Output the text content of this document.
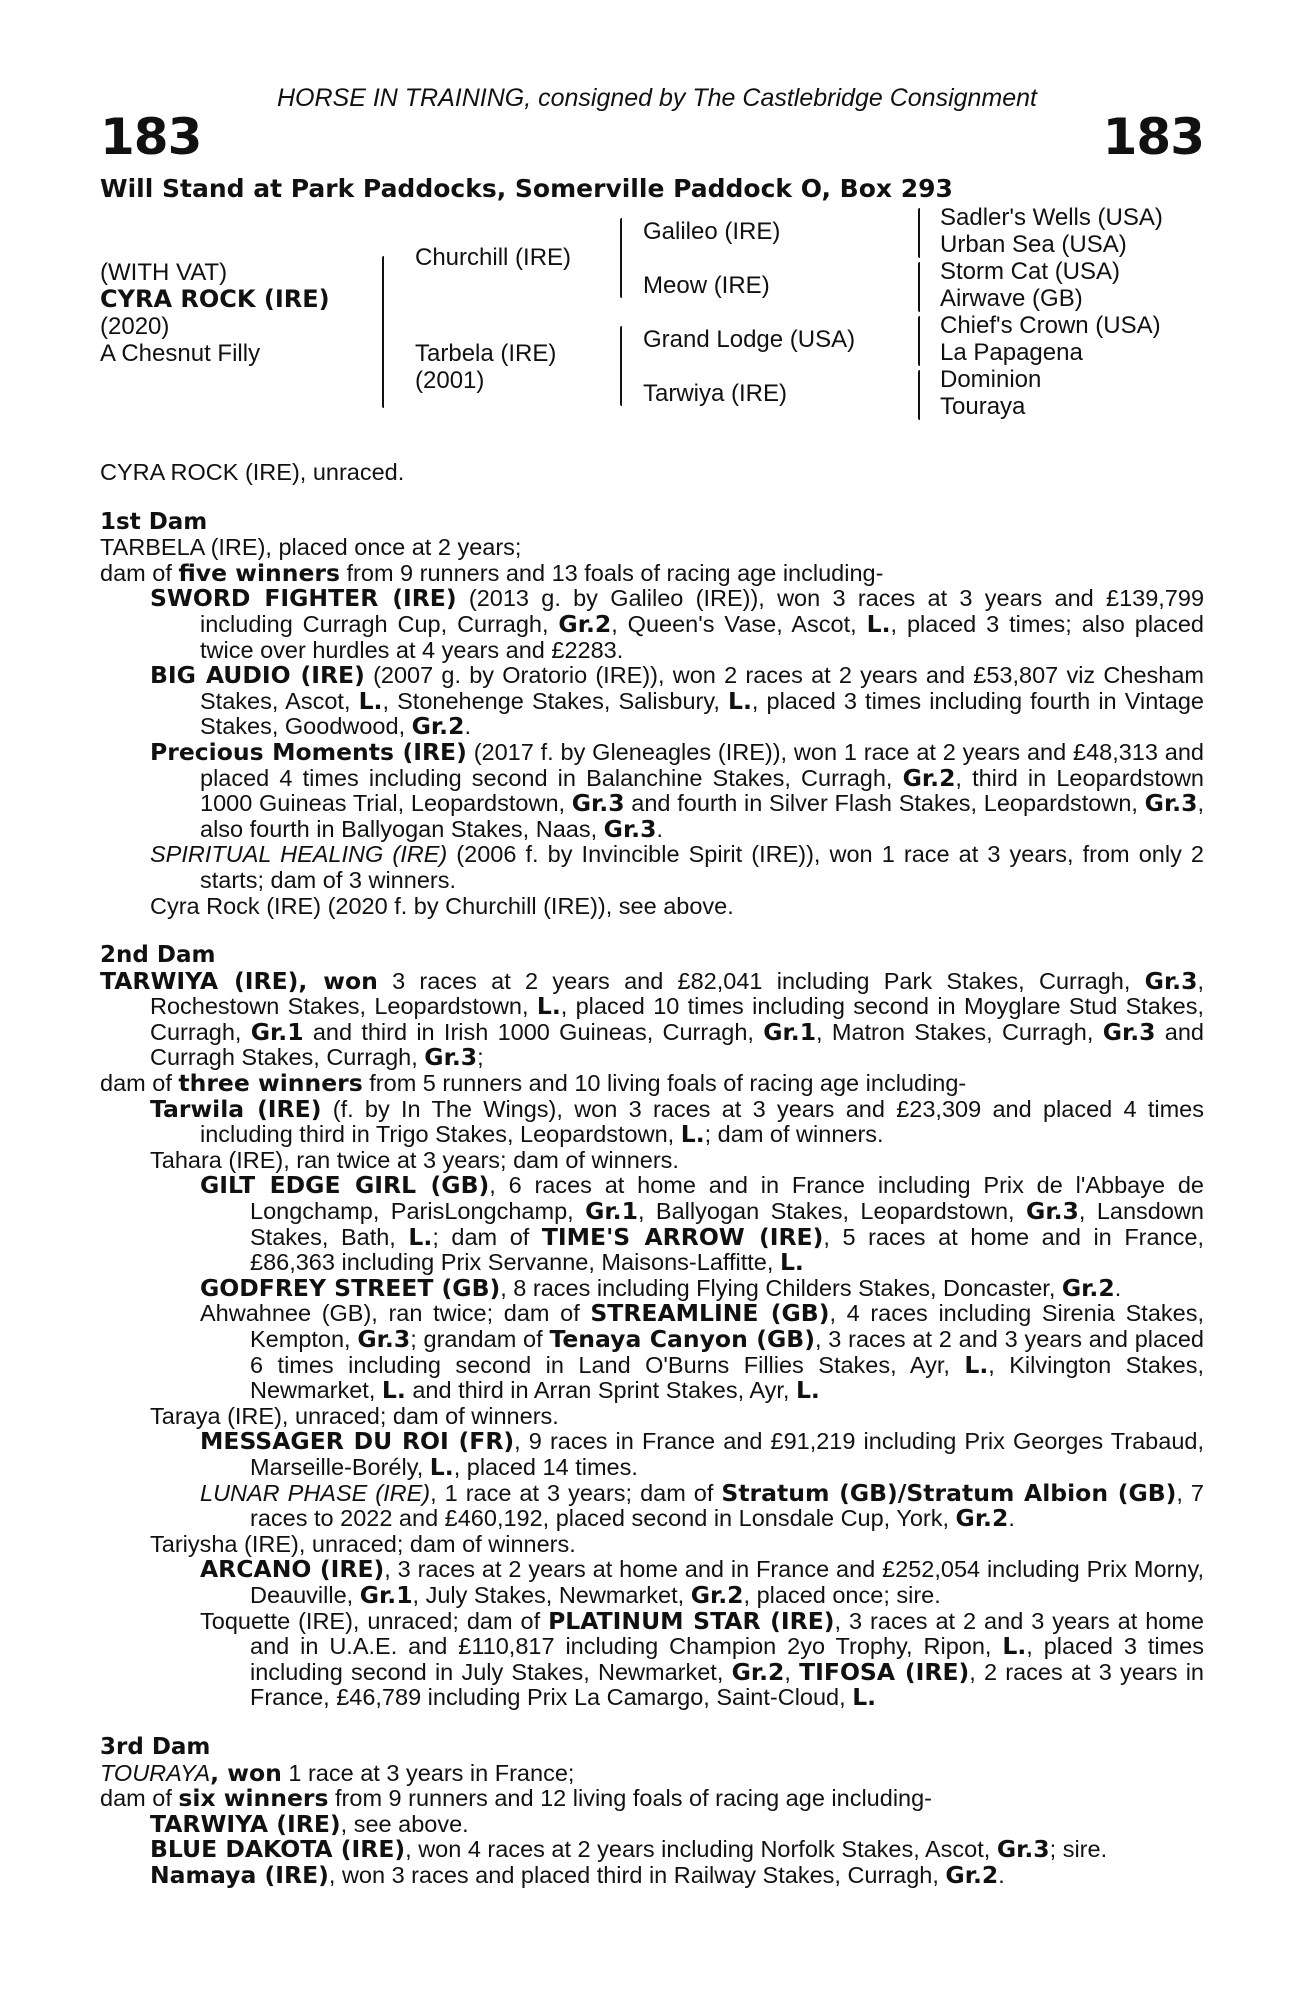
HORSE IN TRAINING, consigned by The Castlebridge Consignment
183	183
Will Stand at Park Paddocks, Somerville Paddock O, Box 293
(WITH VAT)
CYRA ROCK (IRE)
(2020)
A Chesnut Filly
Churchill (IRE)
Tarbela (IRE)
(2001)
Galileo (IRE)
Meow (IRE)
Grand Lodge (USA)
Tarwiya (IRE)
Sadler's Wells (USA)
Urban Sea (USA)
Storm Cat (USA)
Airwave (GB)
Chief's Crown (USA)
La Papagena
Dominion
Touraya

CYRA ROCK (IRE), unraced.

1st Dam

TARBELA (IRE), placed once at 2 years;

dam of five winners from 9 runners and 13 foals of racing age including-

SWORD FIGHTER (IRE) (2013 g. by Galileo (IRE)), won 3 races at 3 years and £139,799 including Curragh Cup, Curragh, Gr.2, Queen's Vase, Ascot, L., placed 3 times; also placed twice over hurdles at 4 years and £2283.

BIG AUDIO (IRE) (2007 g. by Oratorio (IRE)), won 2 races at 2 years and £53,807 viz Chesham Stakes, Ascot, L., Stonehenge Stakes, Salisbury, L., placed 3 times including fourth in Vintage Stakes, Goodwood, Gr.2.

Precious Moments (IRE) (2017 f. by Gleneagles (IRE)), won 1 race at 2 years and £48,313 and placed 4 times including second in Balanchine Stakes, Curragh, Gr.2, third in Leopardstown 1000 Guineas Trial, Leopardstown, Gr.3 and fourth in Silver Flash Stakes, Leopardstown, Gr.3, also fourth in Ballyogan Stakes, Naas, Gr.3.

SPIRITUAL HEALING (IRE) (2006 f. by Invincible Spirit (IRE)), won 1 race at 3 years, from only 2 starts; dam of 3 winners.

Cyra Rock (IRE) (2020 f. by Churchill (IRE)), see above.

2nd Dam

TARWIYA (IRE), won 3 races at 2 years and £82,041 including Park Stakes, Curragh, Gr.3, Rochestown Stakes, Leopardstown, L., placed 10 times including second in Moyglare Stud Stakes, Curragh, Gr.1 and third in Irish 1000 Guineas, Curragh, Gr.1, Matron Stakes, Curragh, Gr.3 and Curragh Stakes, Curragh, Gr.3;

dam of three winners from 5 runners and 10 living foals of racing age including-

Tarwila (IRE) (f. by In The Wings), won 3 races at 3 years and £23,309 and placed 4 times including third in Trigo Stakes, Leopardstown, L.; dam of winners.

Tahara (IRE), ran twice at 3 years; dam of winners.

GILT EDGE GIRL (GB), 6 races at home and in France including Prix de l'Abbaye de Longchamp, ParisLongchamp, Gr.1, Ballyogan Stakes, Leopardstown, Gr.3, Lansdown Stakes, Bath, L.; dam of TIME'S ARROW (IRE), 5 races at home and in France, £86,363 including Prix Servanne, Maisons-Laffitte, L.

GODFREY STREET (GB), 8 races including Flying Childers Stakes, Doncaster, Gr.2.

Ahwahnee (GB), ran twice; dam of STREAMLINE (GB), 4 races including Sirenia Stakes, Kempton, Gr.3; grandam of Tenaya Canyon (GB), 3 races at 2 and 3 years and placed 6 times including second in Land O'Burns Fillies Stakes, Ayr, L., Kilvington Stakes, Newmarket, L. and third in Arran Sprint Stakes, Ayr, L.

Taraya (IRE), unraced; dam of winners.

MESSAGER DU ROI (FR), 9 races in France and £91,219 including Prix Georges Trabaud, Marseille-Borély, L., placed 14 times.

LUNAR PHASE (IRE), 1 race at 3 years; dam of Stratum (GB)/Stratum Albion (GB), 7 races to 2022 and £460,192, placed second in Lonsdale Cup, York, Gr.2.

Tariysha (IRE), unraced; dam of winners.

ARCANO (IRE), 3 races at 2 years at home and in France and £252,054 including Prix Morny, Deauville, Gr.1, July Stakes, Newmarket, Gr.2, placed once; sire.

Toquette (IRE), unraced; dam of PLATINUM STAR (IRE), 3 races at 2 and 3 years at home and in U.A.E. and £110,817 including Champion 2yo Trophy, Ripon, L., placed 3 times including second in July Stakes, Newmarket, Gr.2, TIFOSA (IRE), 2 races at 3 years in France, £46,789 including Prix La Camargo, Saint-Cloud, L.

3rd Dam

TOURAYA, won 1 race at 3 years in France;

dam of six winners from 9 runners and 12 living foals of racing age including-

TARWIYA (IRE), see above.

BLUE DAKOTA (IRE), won 4 races at 2 years including Norfolk Stakes, Ascot, Gr.3; sire.

Namaya (IRE), won 3 races and placed third in Railway Stakes, Curragh, Gr.2.
